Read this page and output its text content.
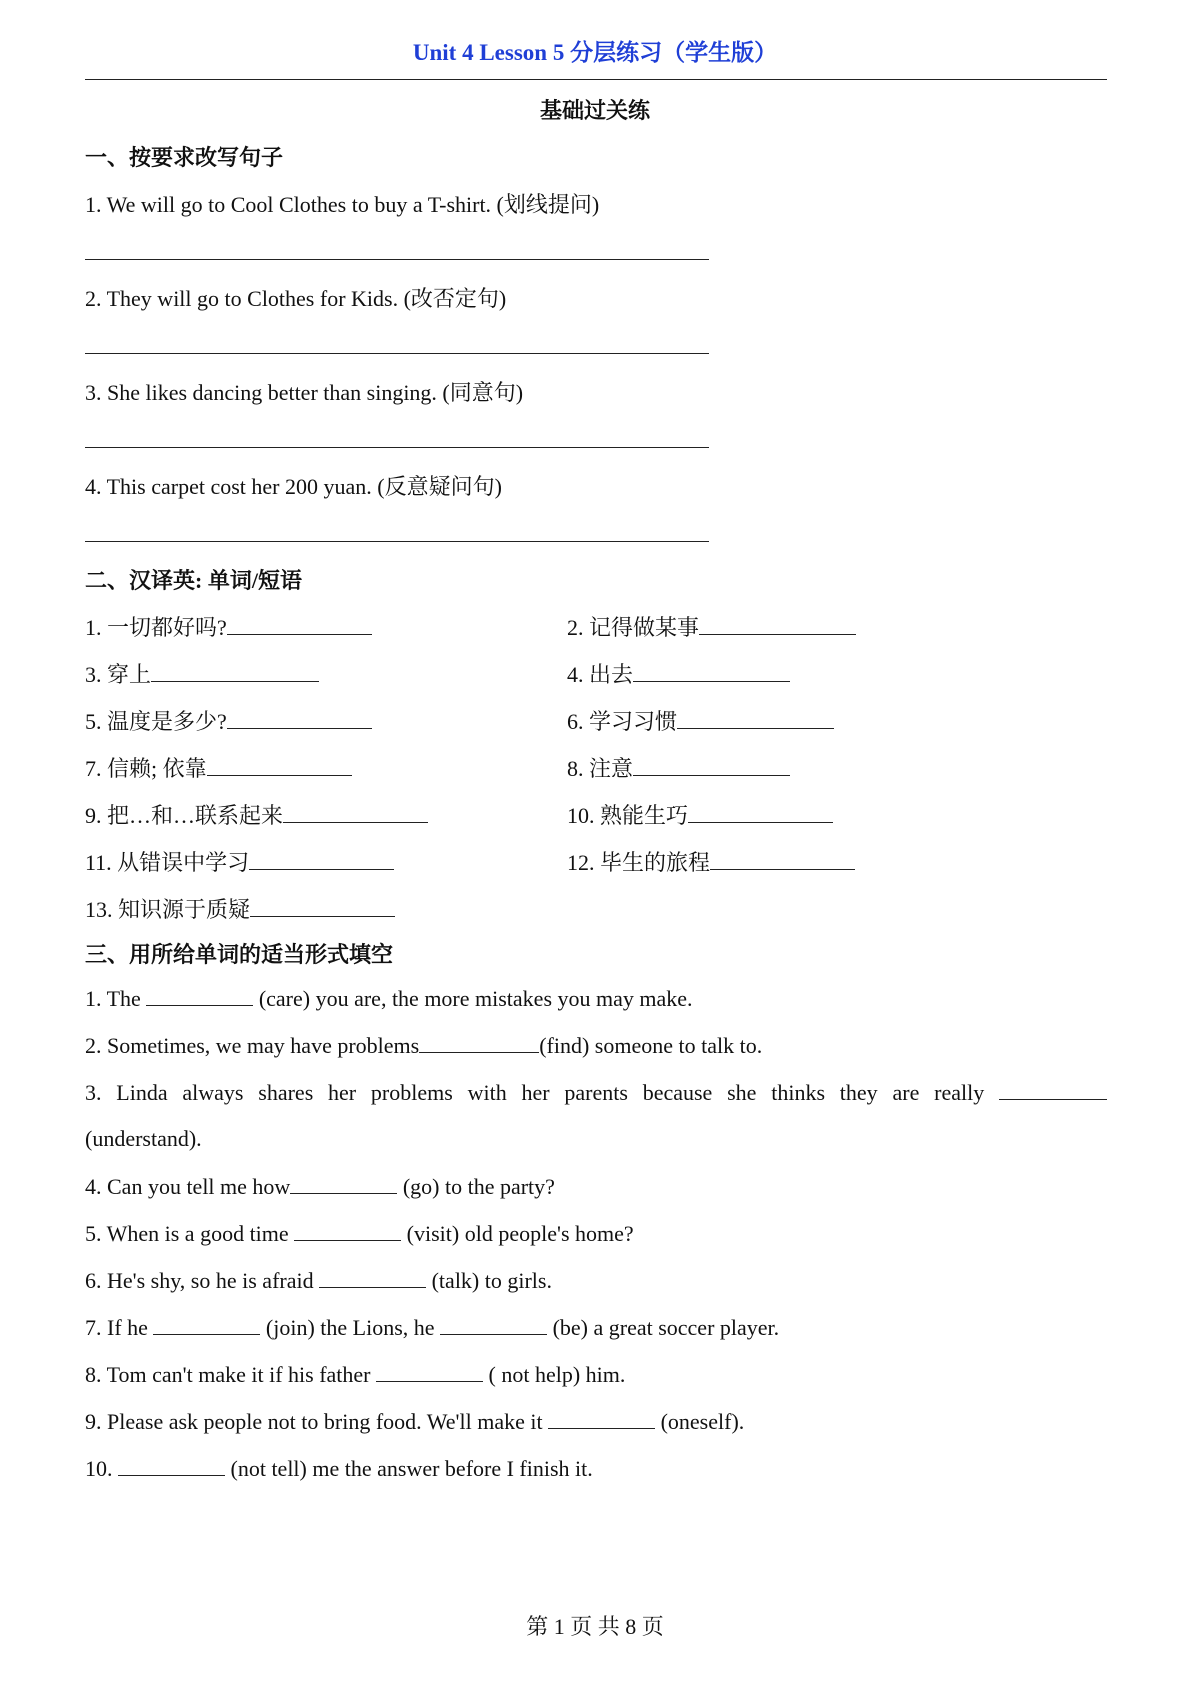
Unit 4 Lesson 5 分层练习（学生版）
基础过关练
一、按要求改写句子
1. We will go to Cool Clothes to buy a T-shirt. (划线提问)
2. They will go to Clothes for Kids. (改否定句)
3. She likes dancing better than singing. (同意句)
4. This carpet cost her 200 yuan. (反意疑问句)
二、汉译英: 单词/短语
1. 一切都好吗?	2. 记得做某事
3. 穿上	4. 出去
5. 温度是多少?	6. 学习习惯
7. 信赖; 依靠	8. 注意
9. 把…和…联系起来	10. 熟能生巧
11. 从错误中学习	12. 毕生的旅程
13. 知识源于质疑
三、用所给单词的适当形式填空
1. The	(care) you are, the more mistakes you may make.
2. Sometimes, we may have problems	(find) someone to talk to.
3. Linda always shares her problems with her parents because she thinks they are really
(understand).
4. Can you tell me how	(go) to the party?
5. When is a good time	(visit) old people's home?
6. He's shy, so he is afraid	(talk) to girls.
7. If he	(join) the Lions, he	(be) a great soccer player.
8. Tom can't make it if his father	( not help) him.
9. Please ask people not to bring food. We'll make it	(oneself).
10.	(not tell) me the answer before I finish it.
第 1 页 共 8 页
